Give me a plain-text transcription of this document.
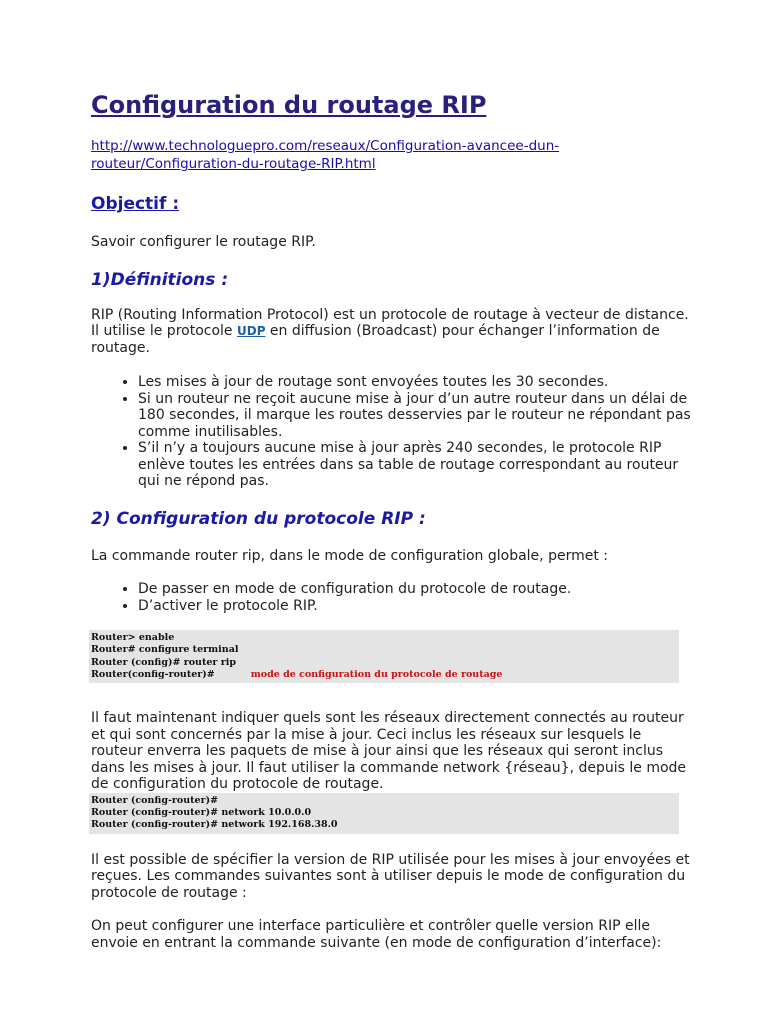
Configuration du routage RIP
http://www.technologuepro.com/reseaux/Configuration-avancee-dun-routeur/Configuration-du-routage-RIP.html
Objectif :

Savoir configurer le routage RIP.

1)Définitions :

RIP (Routing Information Protocol) est un protocole de routage à vecteur de distance.

Il utilise le protocole UDP en diffusion (Broadcast) pour échanger l’information de routage.

• Les mises à jour de routage sont envoyées toutes les 30 secondes.
• Si un routeur ne reçoit aucune mise à jour d’un autre routeur dans un délai de 180 secondes, il marque les routes desservies par le routeur ne répondant pas comme inutilisables.
• S’il n’y a toujours aucune mise à jour après 240 secondes, le protocole RIP enlève toutes les entrées dans sa table de routage correspondant au routeur qui ne répond pas.
2) Configuration du protocole RIP :

La commande router rip, dans le mode de configuration globale, permet :

• De passer en mode de configuration du protocole de routage.
• D’activer le protocole RIP.
Router> enable
Router# configure terminal
Router (config)# router rip
Router(config-router)#	mode de configuration du protocole de routage

Il faut maintenant indiquer quels sont les réseaux directement connectés au routeur et qui sont concernés par la mise à jour. Ceci inclus les réseaux sur lesquels le routeur enverra les paquets de mise à jour ainsi que les réseaux qui seront inclus dans les mises à jour. Il faut utiliser la commande network {réseau}, depuis le mode de configuration du protocole de routage.

Router (config-router)#
Router (config-router)# network 10.0.0.0
Router (config-router)# network 192.168.38.0

Il est possible de spécifier la version de RIP utilisée pour les mises à jour envoyées et reçues. Les commandes suivantes sont à utiliser depuis le mode de configuration du protocole de routage :

On peut configurer une interface particulière et contrôler quelle version RIP elle envoie en entrant la commande suivante (en mode de configuration d’interface):
